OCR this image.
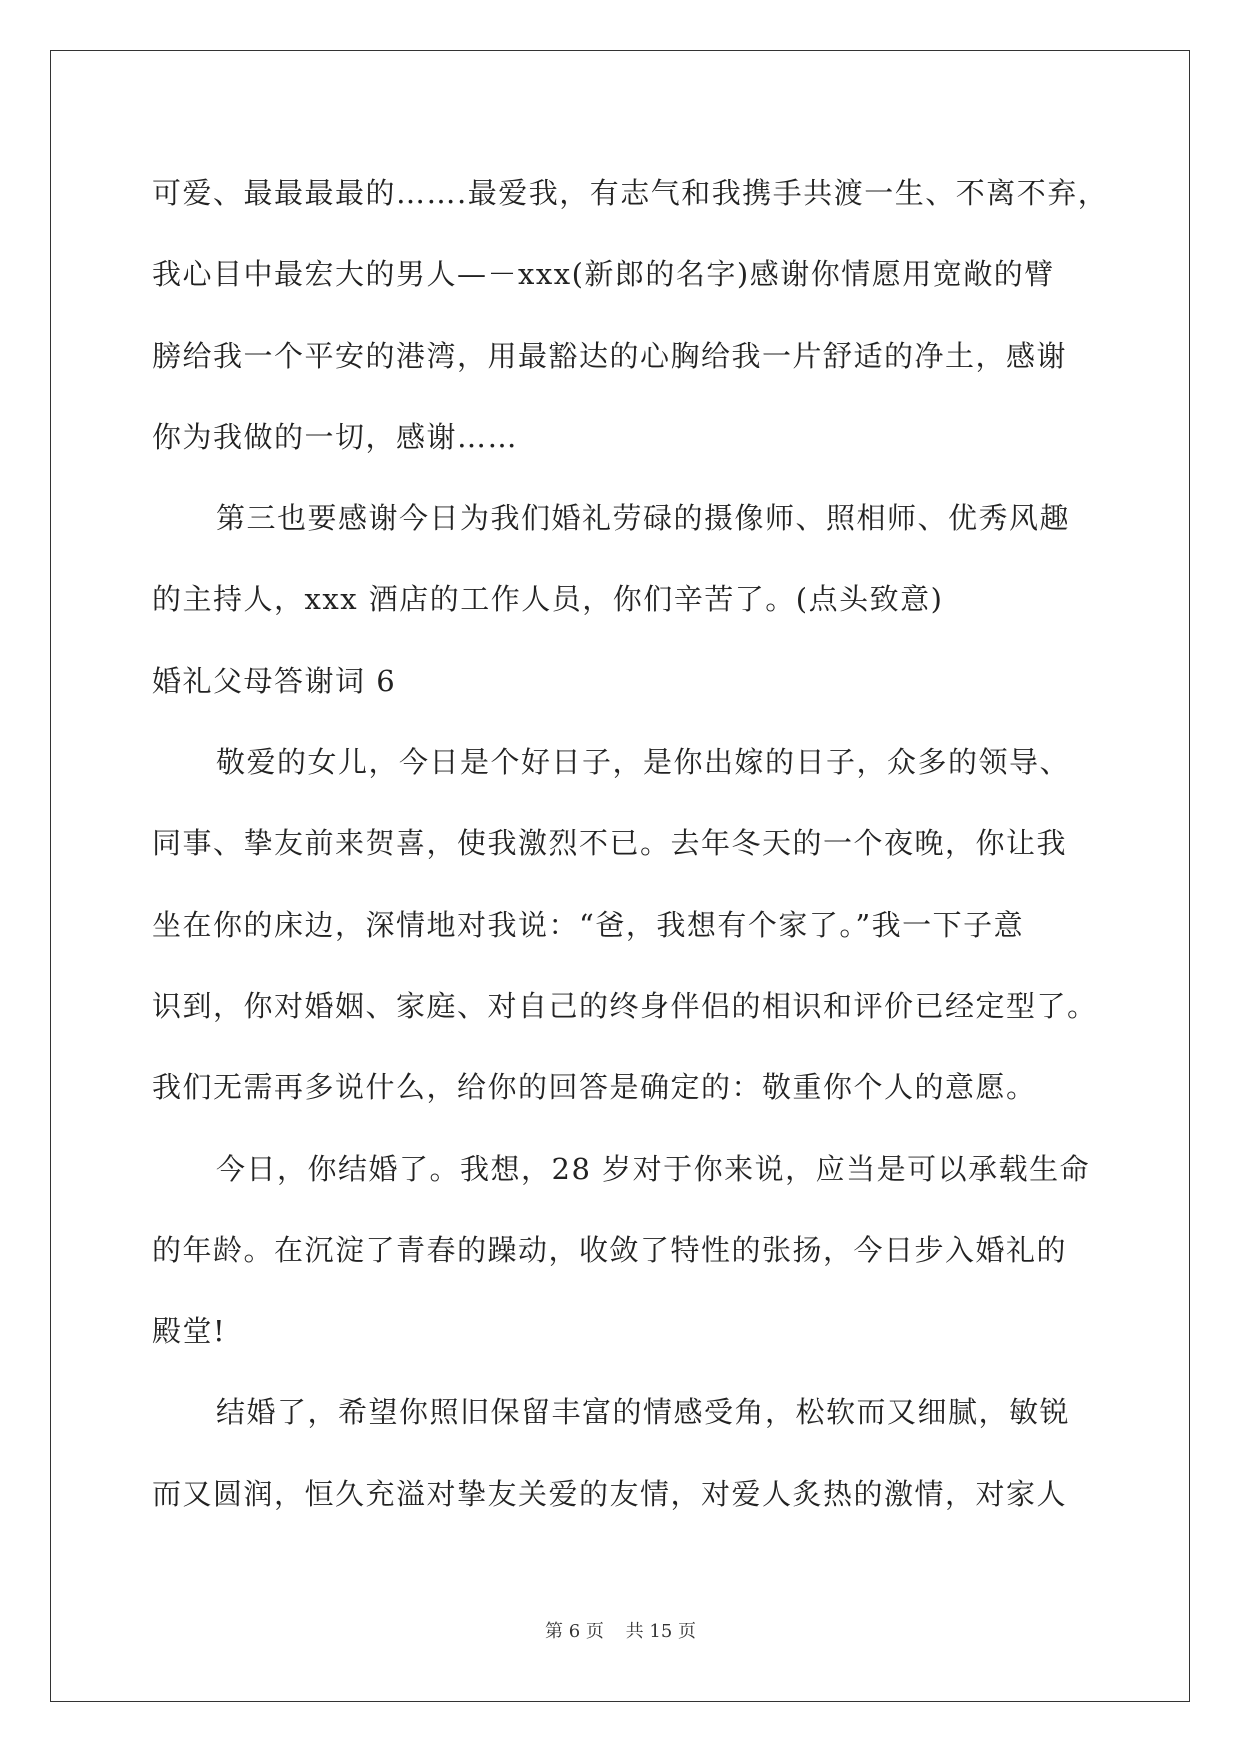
可爱、最最最最的…….最爱我，有志气和我携手共渡一生、不离不弃，
我心目中最宏大的男人—－xxx(新郎的名字)感谢你情愿用宽敞的臂
膀给我一个平安的港湾，用最豁达的心胸给我一片舒适的净土，感谢
你为我做的一切，感谢……
第三也要感谢今日为我们婚礼劳碌的摄像师、照相师、优秀风趣
的主持人，xxx 酒店的工作人员，你们辛苦了。(点头致意)
婚礼父母答谢词 6
敬爱的女儿，今日是个好日子，是你出嫁的日子，众多的领导、
同事、挚友前来贺喜，使我激烈不已。去年冬天的一个夜晚，你让我
坐在你的床边，深情地对我说：“爸，我想有个家了。”我一下子意
识到，你对婚姻、家庭、对自己的终身伴侣的相识和评价已经定型了。
我们无需再多说什么，给你的回答是确定的：敬重你个人的意愿。
今日，你结婚了。我想，28 岁对于你来说，应当是可以承载生命
的年龄。在沉淀了青春的躁动，收敛了特性的张扬，今日步入婚礼的
殿堂!
结婚了，希望你照旧保留丰富的情感受角，松软而又细腻，敏锐
而又圆润，恒久充溢对挚友关爱的友情，对爱人炙热的激情，对家人
第 6 页 共 15 页
